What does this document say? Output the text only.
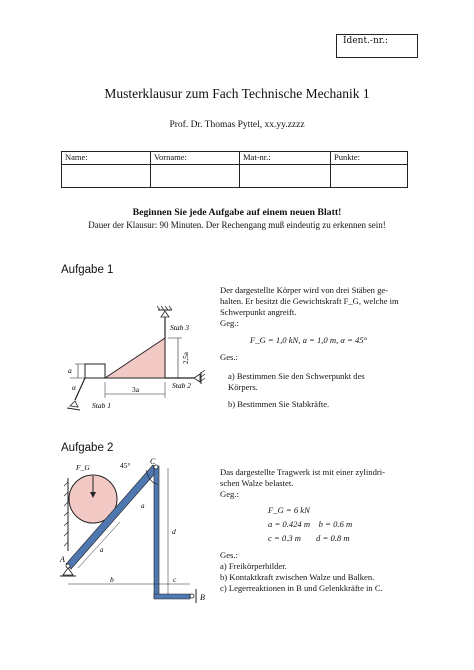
Ident.-nr.:
Musterklausur zum Fach Technische Mechanik 1
Prof. Dr. Thomas Pyttel, xx.yy.zzzz
Name:	Vorname:	Mat-nr.:	Punkte:

Beginnen Sie jede Aufgabe auf einem neuen Blatt!
Dauer der Klausur: 90 Minuten. Der Rechengang muß eindeutig zu erkennen sein!
Aufgabe 1
Stab 3
Stab 2
Stab 1
a
α	3a
2,5a

Der dargestellte Körper wird von drei Stäben ge-

halten. Er besitzt die Gewichtskraft F_G, welche im

Schwerpunkt angreift.

Geg.:

F_G = 1,0 kN, a = 1,0 m, α = 45°

Ges.:

a) Bestimmen Sie den Schwerpunkt des

Körpers.

b) Bestimmen Sie Stabkräfte.

Aufgabe 2
F_G	45° C
A
B
a
a
b	c
d

Das dargestellte Tragwerk ist mit einer zylindri-

schen Walze belastet.

Geg.:

F_G = 6 kN

a = 0.424 m    b = 0.6 m

c = 0.3 m       d = 0.8 m

Ges.:

a) Freikörperbilder.

b) Kontaktkraft zwischen Walze und Balken.

c) Legerreaktionen in B und Gelenkkräfte in C.
